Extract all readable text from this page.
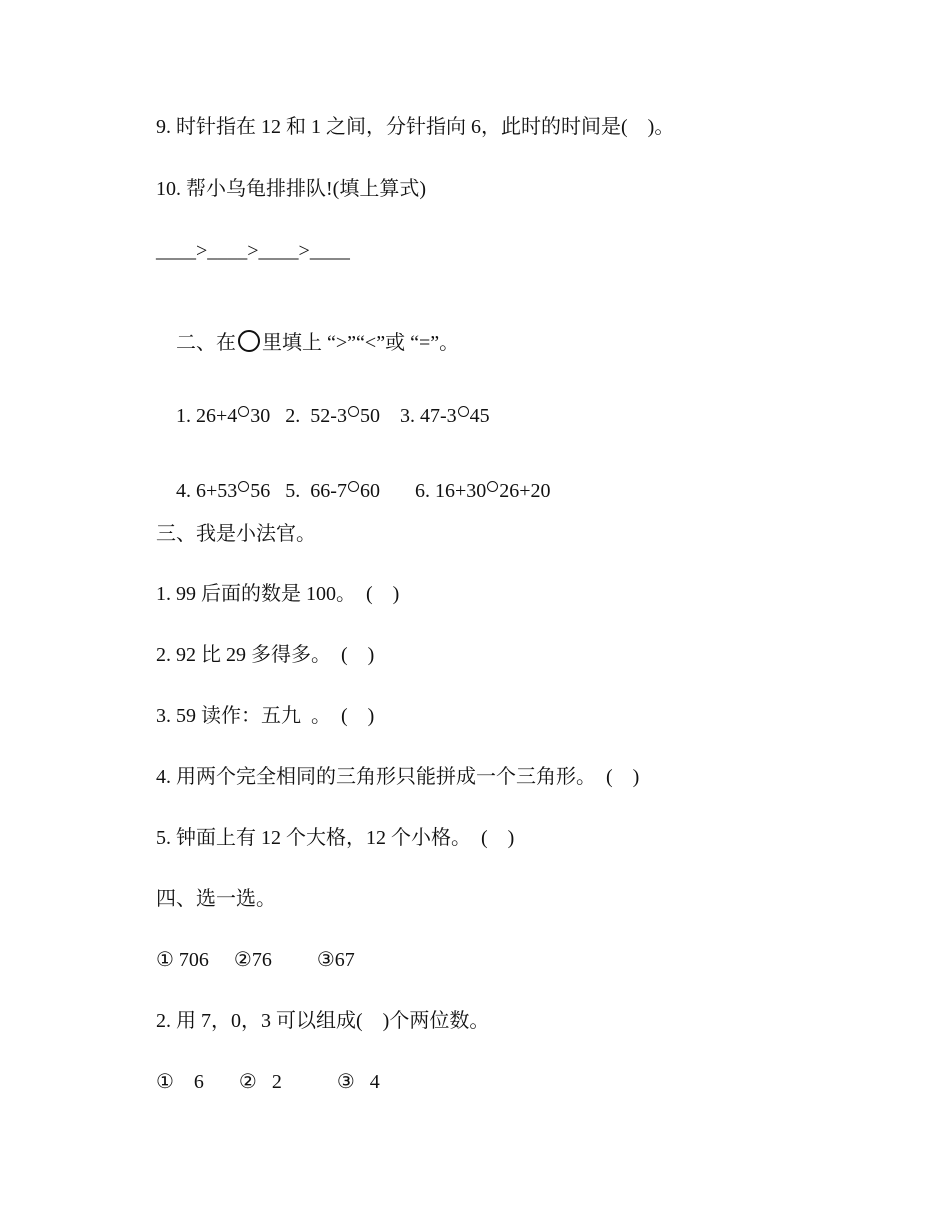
9. 时针指在 12 和 1 之间，分针指向 6，此时的时间是(    )。
10. 帮小乌龟排排队!(填上算式)
____>____>____>____

二、在 里填上 “>”“<”或 “=”。

1. 26+4 30   2.  52-3 50    3. 47-3 45

4. 6+53 56   5.  66-7 60       6. 16+30 26+20

三、我是小法官。
1. 99 后面的数是 100。  (    )
2. 92 比 29 多得多。  (    )
3. 59 读作：五九  。  (    )
4. 用两个完全相同的三角形只能拼成一个三角形。  (    )
5. 钟面上有 12 个大格，12 个小格。  (    )
四、选一选。
① 706     ②76         ③67
2. 用 7，0，3 可以组成(    )个两位数。
①    6       ②   2           ③   4
